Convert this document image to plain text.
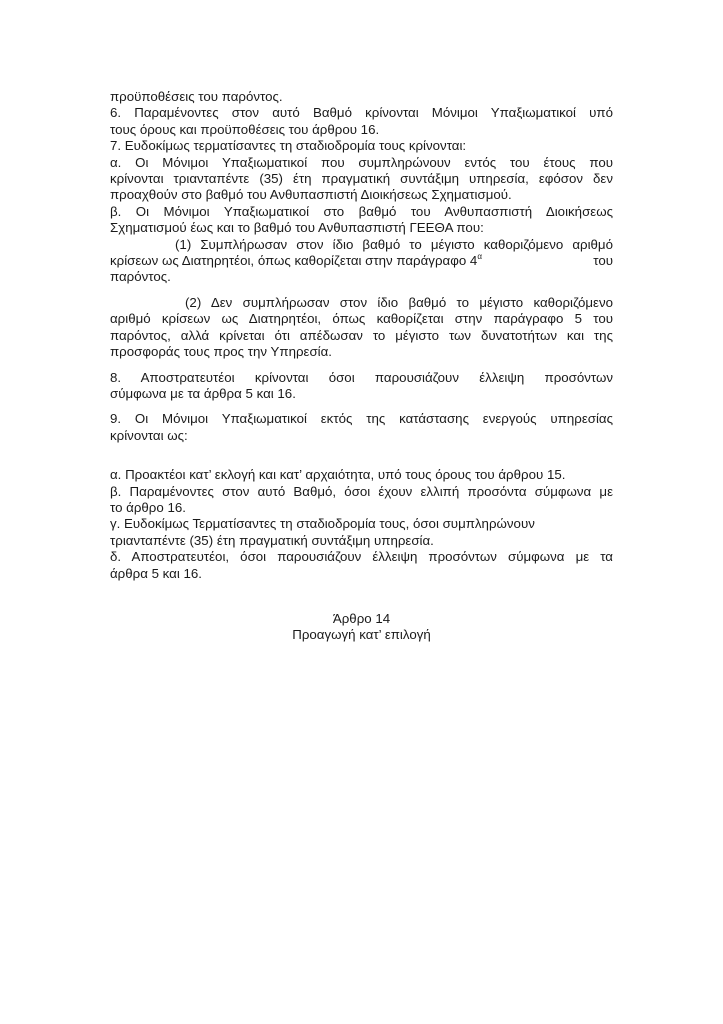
προϋποθέσεις του παρόντος.
6. Παραμένοντες στον αυτό Βαθμό κρίνονται Μόνιμοι Υπαξιωματικοί υπό
τους όρους και προϋποθέσεις του άρθρου 16.
7. Ευδοκίμως τερματίσαντες τη σταδιοδρομία τους κρίνονται:
α. Οι Μόνιμοι Υπαξιωματικοί που συμπληρώνουν εντός του έτους που
κρίνονται τριανταπέντε (35) έτη πραγματική συντάξιμη υπηρεσία, εφόσον δεν
προαχθούν στο βαθμό του Ανθυπασπιστή Διοικήσεως Σχηματισμού.
β. Οι Μόνιμοι Υπαξιωματικοί στο βαθμό του Ανθυπασπιστή Διοικήσεως
Σχηματισμού έως και το βαθμό του Ανθυπασπιστή ΓΕΕΘΑ που:
(1) Συμπλήρωσαν στον ίδιο βαθμό το μέγιστο καθοριζόμενο αριθμό
κρίσεων ως Διατηρητέοι, όπως καθορίζεται στην παράγραφο $4^\alpha$	του
παρόντος.
(2) Δεν συμπλήρωσαν στον ίδιο βαθμό το μέγιστο καθοριζόμενο
αριθμό κρίσεων ως Διατηρητέοι, όπως καθορίζεται στην παράγραφο 5 του
παρόντος, αλλά κρίνεται ότι απέδωσαν το μέγιστο των δυνατοτήτων και της
προσφοράς τους προς την Υπηρεσία.
8. Αποστρατευτέοι κρίνονται όσοι παρουσιάζουν έλλειψη προσόντων
σύμφωνα με τα άρθρα 5 και 16.
9. Οι Μόνιμοι Υπαξιωματικοί εκτός της κατάστασης ενεργούς υπηρεσίας
κρίνονται ως:
α. Προακτέοι κατ’ εκλογή και κατ’ αρχαιότητα, υπό τους όρους του άρθρου 15.
β. Παραμένοντες στον αυτό Βαθμό, όσοι έχουν ελλιπή προσόντα σύμφωνα με
το άρθρο 16.
γ. Ευδοκίμως Τερματίσαντες τη σταδιοδρομία τους, όσοι συμπληρώνουν
τριανταπέντε (35) έτη πραγματική συντάξιμη υπηρεσία.
δ. Αποστρατευτέοι, όσοι παρουσιάζουν έλλειψη προσόντων σύμφωνα με τα
άρθρα 5 και 16.
Άρθρο 14
Προαγωγή κατ’ επιλογή
